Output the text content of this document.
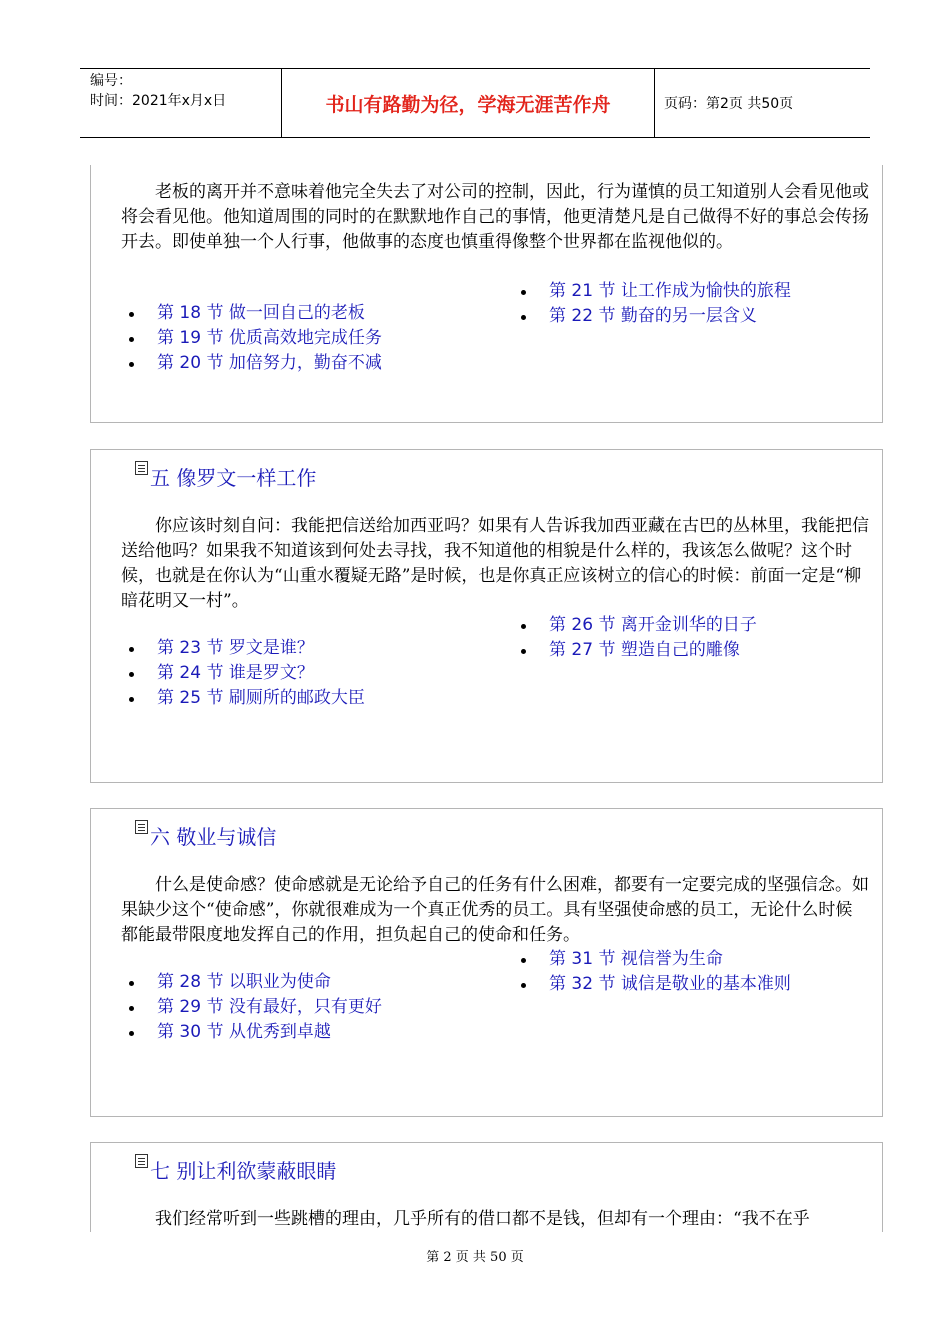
编号：
时间：2021年x月x日	书山有路勤为径，学海无涯苦作舟	页码：第2页 共50页

老板的离开并不意味着他完全失去了对公司的控制，因此，行为谨慎的员工知道别人会看见他或将会看见他。他知道周围的同时的在默默地作自己的事情，他更清楚凡是自己做得不好的事总会传扬开去。即使单独一个人行事，他做事的态度也慎重得像整个世界都在监视他似的。

第 18 节 做一回自己的老板
第 19 节 优质高效地完成任务
第 20 节 加倍努力，勤奋不减
第 21 节 让工作成为愉快的旅程
第 22 节 勤奋的另一层含义
五 像罗文一样工作

你应该时刻自问：我能把信送给加西亚吗？如果有人告诉我加西亚藏在古巴的丛林里，我能把信送给他吗？如果我不知道该到何处去寻找，我不知道他的相貌是什么样的，我该怎么做呢？这个时候，也就是在你认为“山重水覆疑无路”是时候，也是你真正应该树立的信心的时候：前面一定是“柳暗花明又一村”。

第 23 节 罗文是谁？
第 24 节 谁是罗文？
第 25 节 刷厕所的邮政大臣
第 26 节 离开金训华的日子
第 27 节 塑造自己的雕像
六 敬业与诚信

什么是使命感？使命感就是无论给予自己的任务有什么困难，都要有一定要完成的坚强信念。如果缺少这个“使命感”，你就很难成为一个真正优秀的员工。具有坚强使命感的员工，无论什么时候都能最带限度地发挥自己的作用，担负起自己的使命和任务。

第 28 节 以职业为使命
第 29 节 没有最好，只有更好
第 30 节 从优秀到卓越
第 31 节 视信誉为生命
第 32 节 诚信是敬业的基本准则
七 别让利欲蒙蔽眼睛

我们经常听到一些跳槽的理由，几乎所有的借口都不是钱，但却有一个理由：“我不在乎

第 2 页 共 50 页
